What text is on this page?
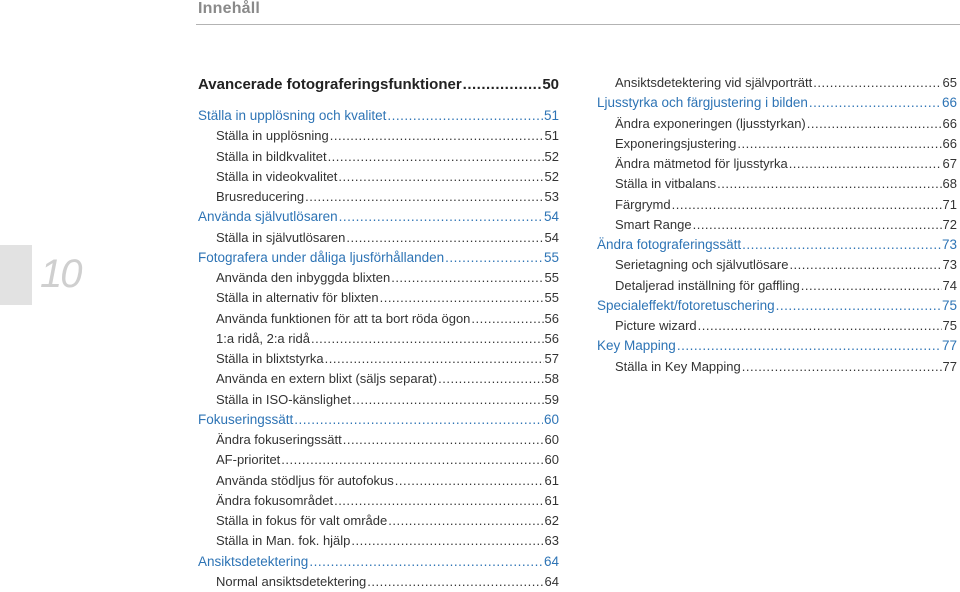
Innehåll
10
Avancerade fotograferingsfunktioner .....	50
Ställa in upplösning och kvalitet .....	51
Ställa in upplösning .....	51
Ställa in bildkvalitet .....	52
Ställa in videokvalitet .....	52
Brusreducering .....	53
Använda självutlösaren .....	54
Ställa in självutlösaren .....	54
Fotografera under dåliga ljusförhållanden .....	55
Använda den inbyggda blixten .....	55
Ställa in alternativ för blixten .....	55
Använda funktionen för att ta bort röda ögon .....	56
1:a ridå, 2:a ridå .....	56
Ställa in blixtstyrka .....	57
Använda en extern blixt (säljs separat) .....	58
Ställa in ISO-känslighet .....	59
Fokuseringssätt .....	60
Ändra fokuseringssätt .....	60
AF-prioritet .....	60
Använda stödljus för autofokus .....	61
Ändra fokusområdet .....	61
Ställa in fokus för valt område .....	62
Ställa in Man. fok. hjälp .....	63
Ansiktsdetektering .....	64
Normal ansiktsdetektering .....	64
Ansiktsdetektering vid självporträtt .....	65
Ljusstyrka och färgjustering i bilden .....	66
Ändra exponeringen (ljusstyrkan) .....	66
Exponeringsjustering .....	66
Ändra mätmetod för ljusstyrka .....	67
Ställa in vitbalans .....	68
Färgrymd .....	71
Smart Range .....	72
Ändra fotograferingssätt .....	73
Serietagning och självutlösare .....	73
Detaljerad inställning för gaffling .....	74
Specialeffekt/fotoretuschering .....	75
Picture wizard .....	75
Key Mapping .....	77
Ställa in Key Mapping .....	77
